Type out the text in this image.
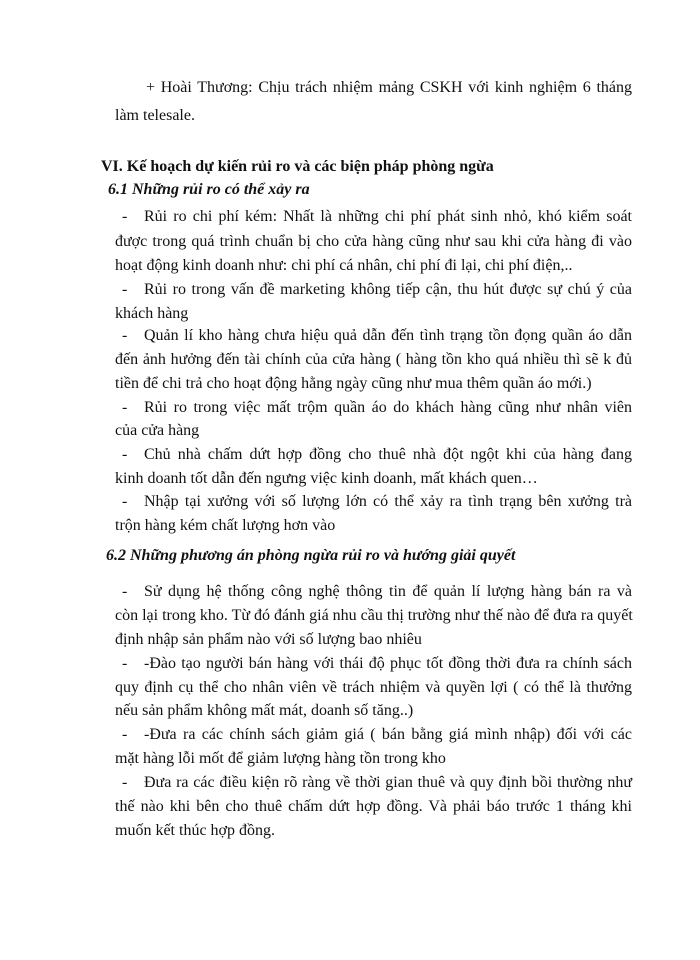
+ Hoài Thương: Chịu trách nhiệm mảng CSKH với kinh nghiệm 6 tháng
làm telesale.
VI. Kế hoạch dự kiến rủi ro và các biện pháp phòng ngừa
6.1 Những rủi ro có thể xảy ra
- Rủi ro chi phí kém: Nhất là những chi phí phát sinh nhỏ, khó kiểm soát
được trong quá trình chuẩn bị cho cửa hàng cũng như sau khi cửa hàng đi vào
hoạt động kinh doanh như: chi phí cá nhân, chi phí đi lại, chi phí điện,..
- Rủi ro trong vấn đề marketing không tiếp cận, thu hút được sự chú ý của
khách hàng
- Quản lí kho hàng chưa hiệu quả dẫn đến tình trạng tồn đọng quần áo dẫn
đến ảnh hưởng đến tài chính của cửa hàng ( hàng tồn kho quá nhiều thì sẽ k đủ
tiền để chi trả cho hoạt động hằng ngày cũng như mua thêm quần áo mới.)
- Rủi ro trong việc mất trộm quần áo do khách hàng cũng như nhân viên
của cửa hàng
- Chủ nhà chấm dứt hợp đồng cho thuê nhà đột ngột khi của hàng đang
kinh doanh tốt dẫn đến ngưng việc kinh doanh, mất khách quen…
- Nhập tại xưởng với số lượng lớn có thể xảy ra tình trạng bên xưởng trà
trộn hàng kém chất lượng hơn vào
6.2 Những phương án phòng ngừa rủi ro và hướng giải quyết
- Sử dụng hệ thống công nghệ thông tin để quản lí lượng hàng bán ra và
còn lại trong kho. Từ đó đánh giá nhu cầu thị trường như thế nào để đưa ra quyết
định nhập sản phẩm nào với số lượng bao nhiêu
- -Đào tạo người bán hàng với thái độ phục tốt đồng thời đưa ra chính sách
quy định cụ thể cho nhân viên về trách nhiệm và quyền lợi ( có thể là thưởng
nếu sản phẩm không mất mát, doanh số tăng..)
- -Đưa ra các chính sách giảm giá ( bán bằng giá mình nhập) đối với các
mặt hàng lỗi mốt để giảm lượng hàng tồn trong kho
- Đưa ra các điều kiện rõ ràng về thời gian thuê và quy định bồi thường như
thế nào khi bên cho thuê chấm dứt hợp đồng. Và phải báo trước 1 tháng khi
muốn kết thúc hợp đồng.
